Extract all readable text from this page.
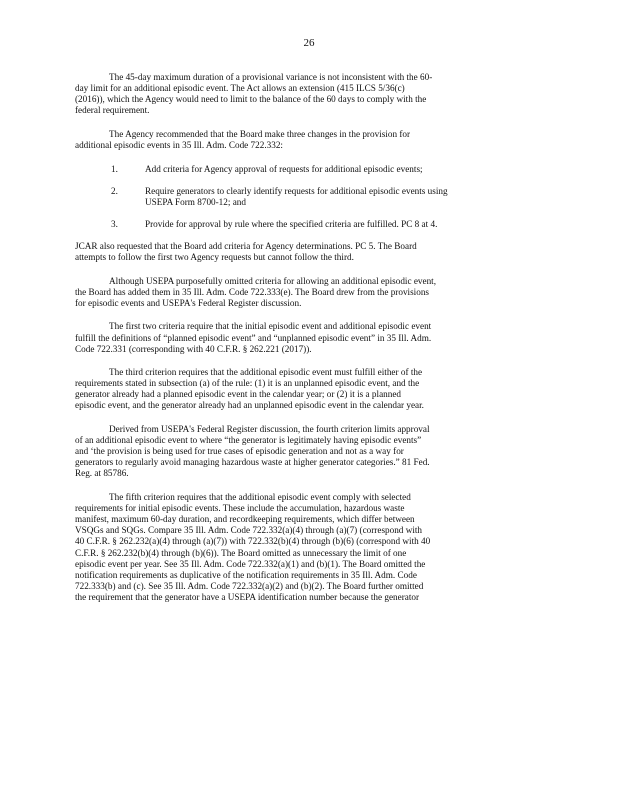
26
The 45-day maximum duration of a provisional variance is not inconsistent with the 60-
day limit for an additional episodic event. The Act allows an extension (415 ILCS 5/36(c)
(2016)), which the Agency would need to limit to the balance of the 60 days to comply with the
federal requirement.
The Agency recommended that the Board make three changes in the provision for
additional episodic events in 35 Ill. Adm. Code 722.332:
1.	Add criteria for Agency approval of requests for additional episodic events;
2.	Require generators to clearly identify requests for additional episodic events using
USEPA Form 8700-12; and
3.	Provide for approval by rule where the specified criteria are fulfilled. PC 8 at 4.
JCAR also requested that the Board add criteria for Agency determinations. PC 5. The Board
attempts to follow the first two Agency requests but cannot follow the third.
Although USEPA purposefully omitted criteria for allowing an additional episodic event,
the Board has added them in 35 Ill. Adm. Code 722.333(e). The Board drew from the provisions
for episodic events and USEPA's Federal Register discussion.
The first two criteria require that the initial episodic event and additional episodic event
fulfill the definitions of “planned episodic event” and “unplanned episodic event” in 35 Ill. Adm.
Code 722.331 (corresponding with 40 C.F.R. § 262.221 (2017)).
The third criterion requires that the additional episodic event must fulfill either of the
requirements stated in subsection (a) of the rule: (1) it is an unplanned episodic event, and the
generator already had a planned episodic event in the calendar year; or (2) it is a planned
episodic event, and the generator already had an unplanned episodic event in the calendar year.
Derived from USEPA's Federal Register discussion, the fourth criterion limits approval
of an additional episodic event to where “the generator is legitimately having episodic events”
and ‘the provision is being used for true cases of episodic generation and not as a way for
generators to regularly avoid managing hazardous waste at higher generator categories.” 81 Fed.
Reg. at 85786.
The fifth criterion requires that the additional episodic event comply with selected
requirements for initial episodic events. These include the accumulation, hazardous waste
manifest, maximum 60-day duration, and recordkeeping requirements, which differ between
VSQGs and SQGs. Compare 35 Ill. Adm. Code 722.332(a)(4) through (a)(7) (correspond with
40 C.F.R. § 262.232(a)(4) through (a)(7)) with 722.332(b)(4) through (b)(6) (correspond with 40
C.F.R. § 262.232(b)(4) through (b)(6)). The Board omitted as unnecessary the limit of one
episodic event per year. See 35 Ill. Adm. Code 722.332(a)(1) and (b)(1). The Board omitted the
notification requirements as duplicative of the notification requirements in 35 Ill. Adm. Code
722.333(b) and (c). See 35 Ill. Adm. Code 722.332(a)(2) and (b)(2). The Board further omitted
the requirement that the generator have a USEPA identification number because the generator
